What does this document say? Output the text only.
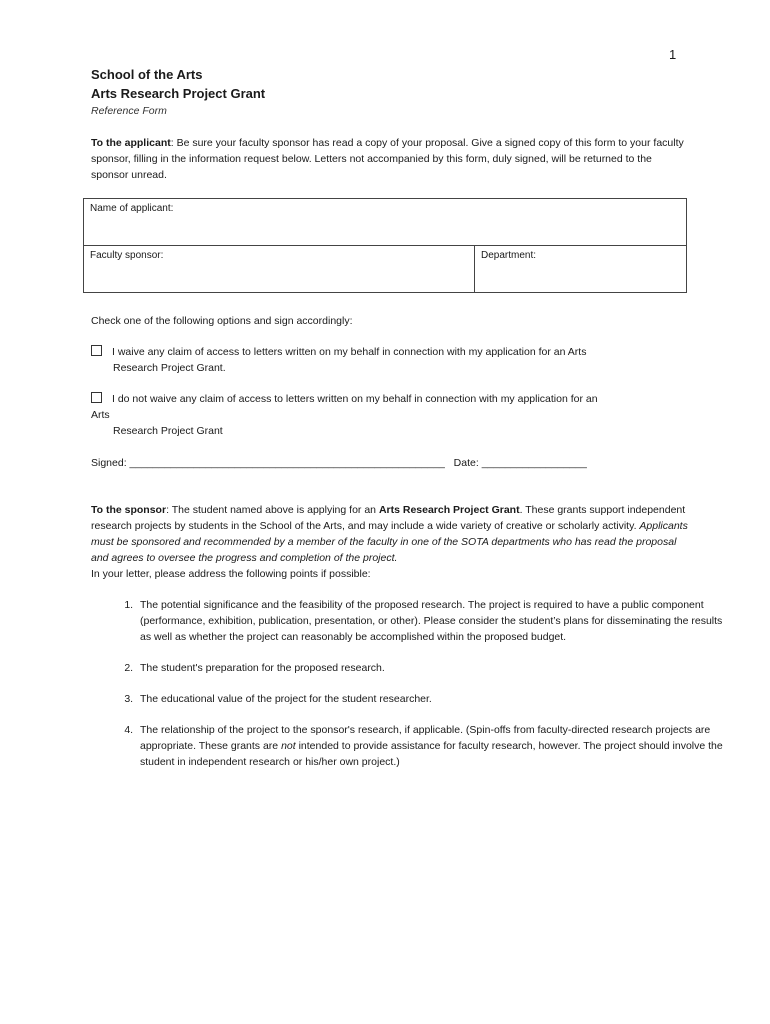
1
School of the Arts
Arts Research Project Grant
Reference Form
To the applicant: Be sure your faculty sponsor has read a copy of your proposal. Give a signed copy of this form to your faculty sponsor, filling in the information request below. Letters not accompanied by this form, duly signed, will be returned to the sponsor unread.
Name of applicant:
Faculty sponsor:	Department:
Check one of the following options and sign accordingly:
I waive any claim of access to letters written on my behalf in connection with my application for an Arts
Research Project Grant.
I do not waive any claim of access to letters written on my behalf in connection with my application for an
Arts
Research Project Grant
Signed: ______________________________________________________ Date: __________________
To the sponsor: The student named above is applying for an Arts Research Project Grant. These grants support independent research projects by students in the School of the Arts, and may include a wide variety of creative or scholarly activity. Applicants must be sponsored and recommended by a member of the faculty in one of the SOTA departments who has read the proposal and agrees to oversee the progress and completion of the project.
In your letter, please address the following points if possible:
1. The potential significance and the feasibility of the proposed research. The project is required to have a public component (performance, exhibition, publication, presentation, or other). Please consider the student’s plans for disseminating the results as well as whether the project can reasonably be accomplished within the proposed budget.
2. The student's preparation for the proposed research.
3. The educational value of the project for the student researcher.
4. The relationship of the project to the sponsor's research, if applicable. (Spin-offs from faculty-directed research projects are appropriate. These grants are not intended to provide assistance for faculty research, however. The project should involve the student in independent research or his/her own project.)
